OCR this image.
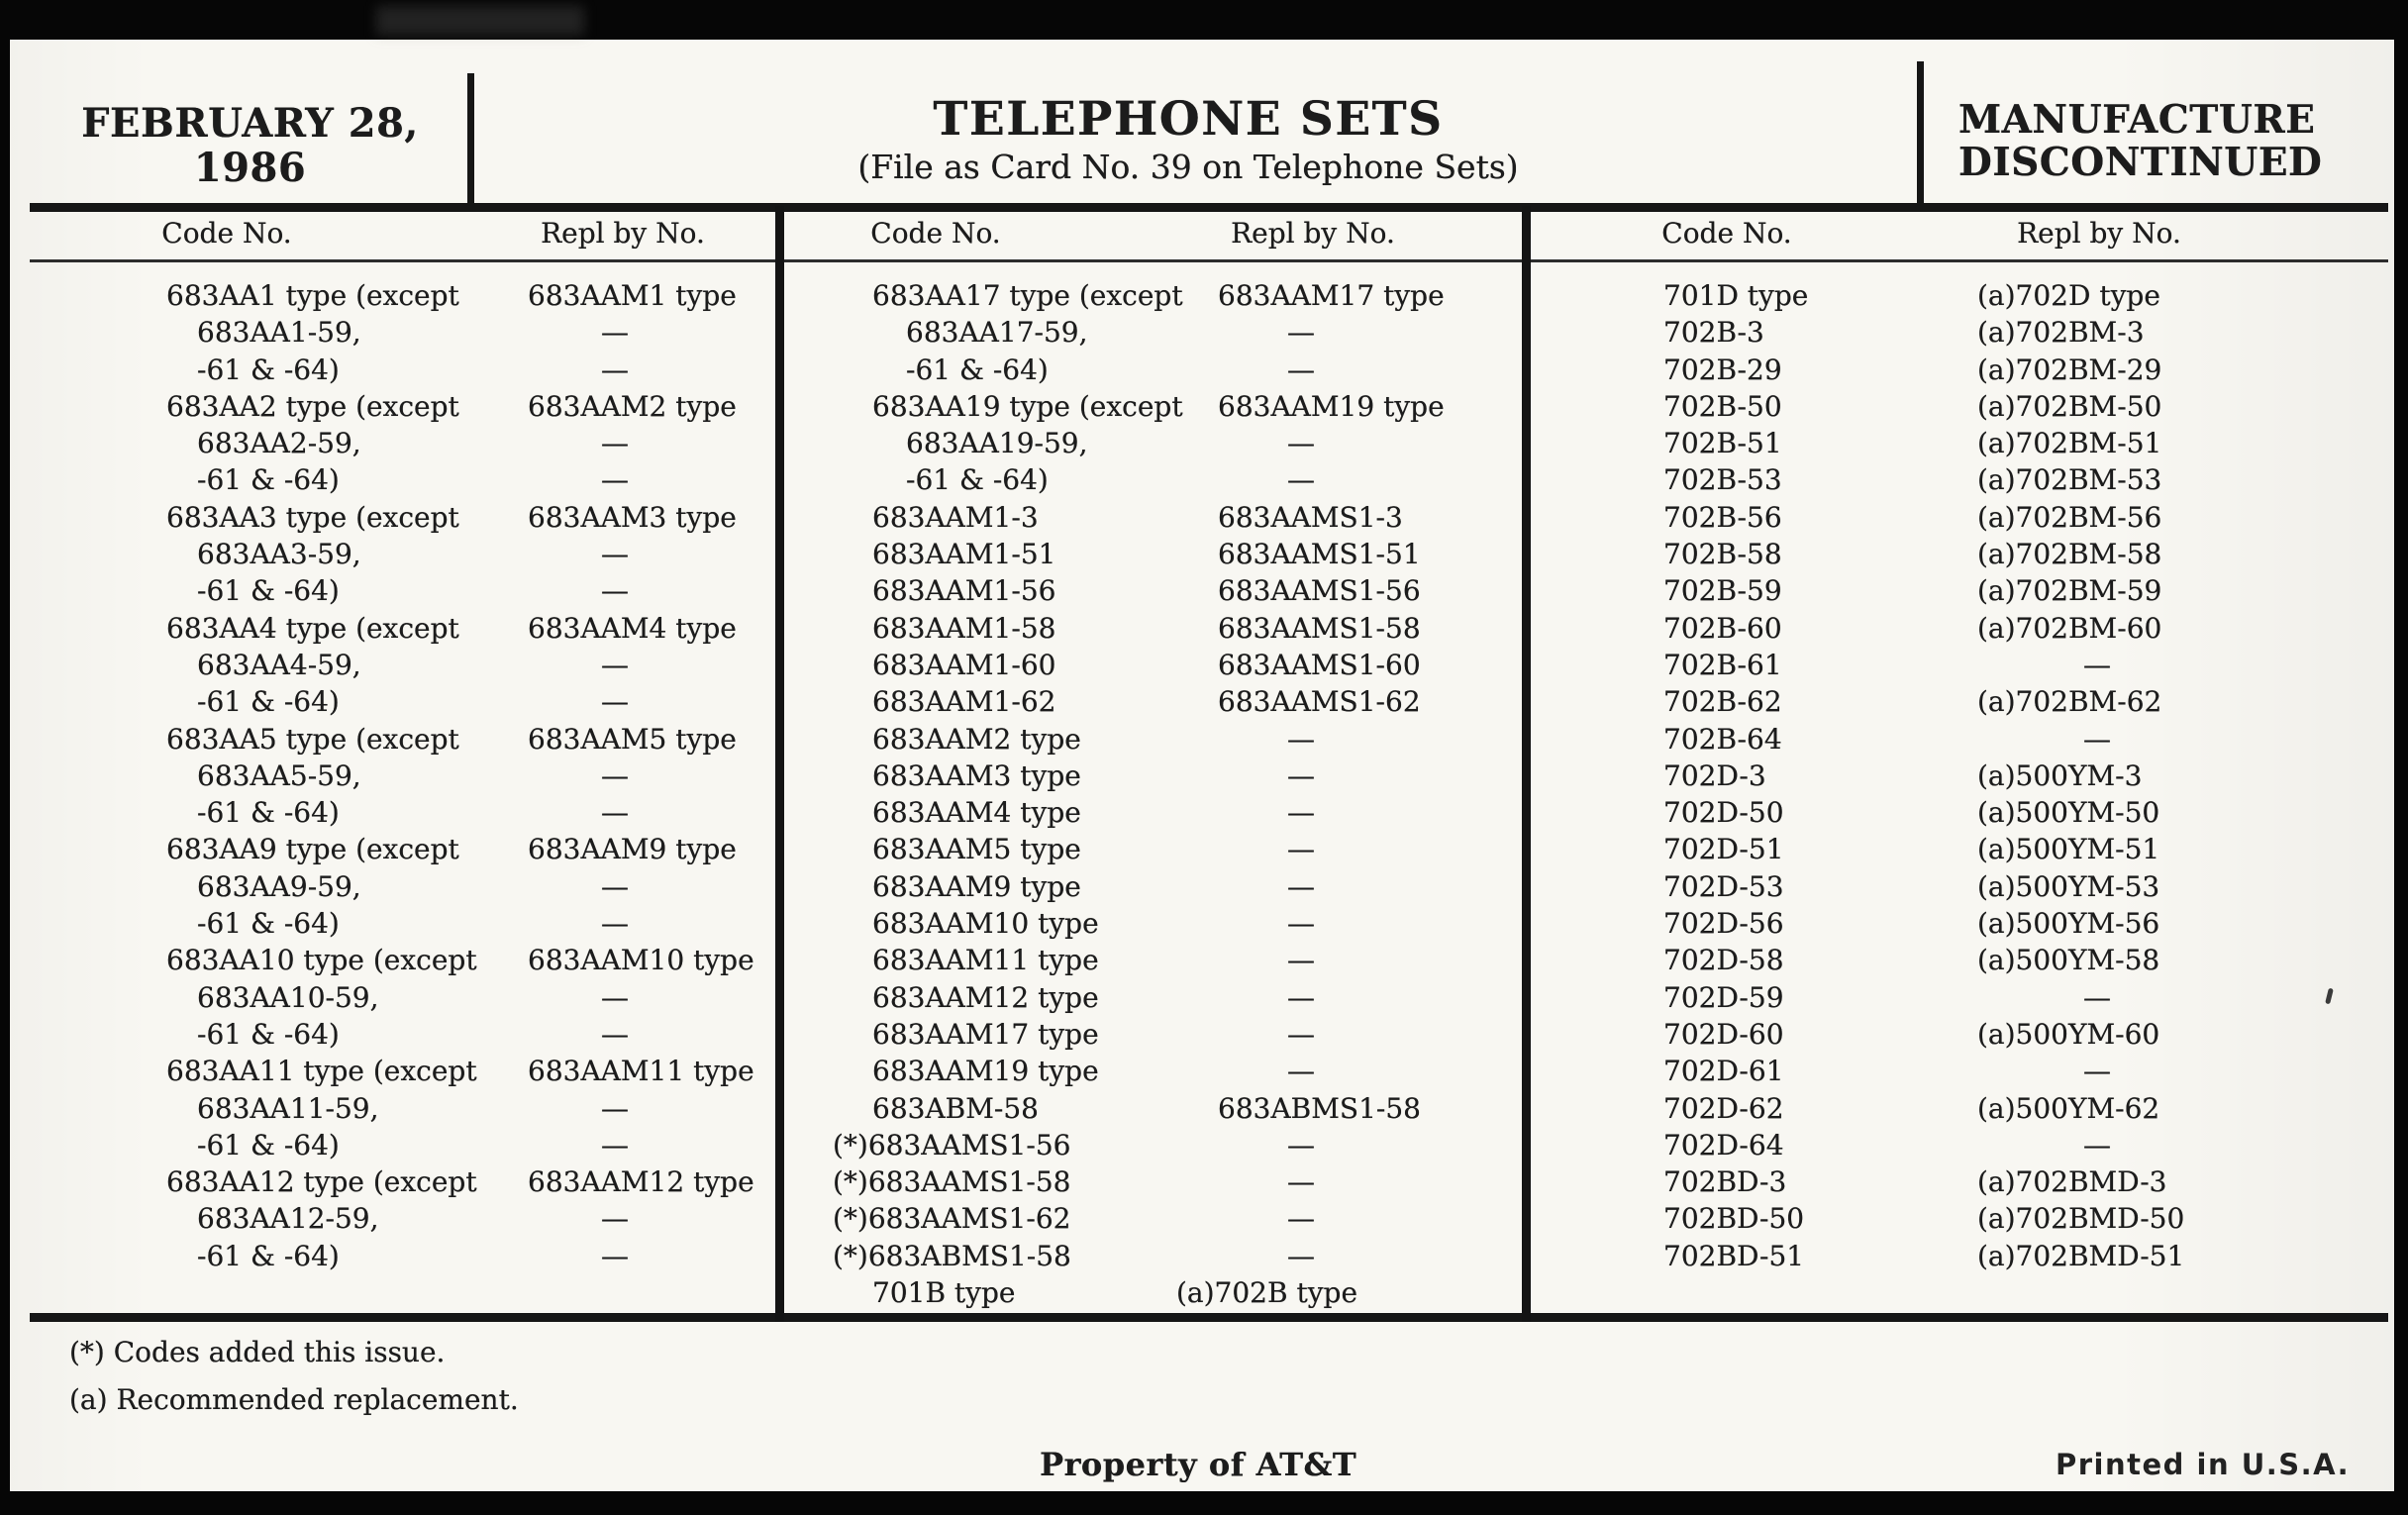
FEBRUARY 28,
1986
TELEPHONE SETS
(File as Card No. 39 on Telephone Sets)
MANUFACTURE
DISCONTINUED
Code No.	Repl by No.	Code No.	Repl by No.	Code No.	Repl by No.
683AA1 type (except	683AAM1 type
683AA1-59,	—
-61 & -64)	—
683AA2 type (except	683AAM2 type
683AA2-59,	—
-61 & -64)	—
683AA3 type (except	683AAM3 type
683AA3-59,	—
-61 & -64)	—
683AA4 type (except	683AAM4 type
683AA4-59,	—
-61 & -64)	—
683AA5 type (except	683AAM5 type
683AA5-59,	—
-61 & -64)	—
683AA9 type (except	683AAM9 type
683AA9-59,	—
-61 & -64)	—
683AA10 type (except	683AAM10 type
683AA10-59,	—
-61 & -64)	—
683AA11 type (except	683AAM11 type
683AA11-59,	—
-61 & -64)	—
683AA12 type (except	683AAM12 type
683AA12-59,	—
-61 & -64)	—
683AA17 type (except	683AAM17 type
683AA17-59,	—
-61 & -64)	—
683AA19 type (except	683AAM19 type
683AA19-59,	—
-61 & -64)	—
683AAM1-3	683AAMS1-3
683AAM1-51	683AAMS1-51
683AAM1-56	683AAMS1-56
683AAM1-58	683AAMS1-58
683AAM1-60	683AAMS1-60
683AAM1-62	683AAMS1-62
683AAM2 type	—
683AAM3 type	—
683AAM4 type	—
683AAM5 type	—
683AAM9 type	—
683AAM10 type	—
683AAM11 type	—
683AAM12 type	—
683AAM17 type	—
683AAM19 type	—
683ABM-58	683ABMS1-58
(*)683AAMS1-56	—
(*)683AAMS1-58	—
(*)683AAMS1-62	—
(*)683ABMS1-58	—
701B type	(a)702B type
701D type	(a)702D type
702B-3	(a)702BM-3
702B-29	(a)702BM-29
702B-50	(a)702BM-50
702B-51	(a)702BM-51
702B-53	(a)702BM-53
702B-56	(a)702BM-56
702B-58	(a)702BM-58
702B-59	(a)702BM-59
702B-60	(a)702BM-60
702B-61	—
702B-62	(a)702BM-62
702B-64	—
702D-3	(a)500YM-3
702D-50	(a)500YM-50
702D-51	(a)500YM-51
702D-53	(a)500YM-53
702D-56	(a)500YM-56
702D-58	(a)500YM-58
702D-59	—
702D-60	(a)500YM-60
702D-61	—
702D-62	(a)500YM-62
702D-64	—
702BD-3	(a)702BMD-3
702BD-50	(a)702BMD-50
702BD-51	(a)702BMD-51
(*) Codes added this issue.
(a) Recommended replacement.
Property of AT&T	Printed in U.S.A.
